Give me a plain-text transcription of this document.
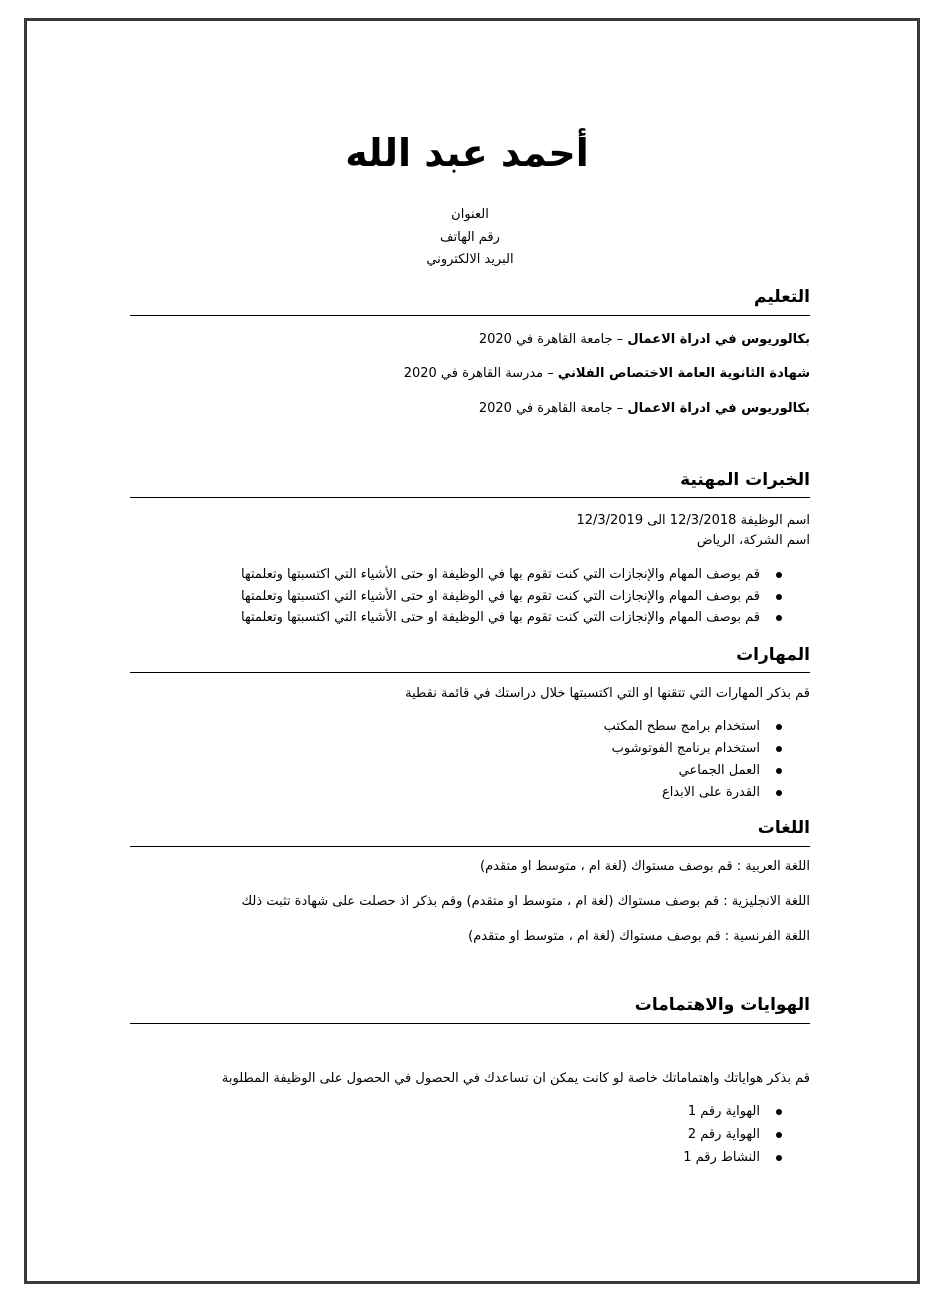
أحمد عبد الله
العنوان
رقم الهاتف
البريد الالكتروني
التعليم
بكالوريوس في ادراة الاعمال – جامعة القاهرة في 2020
شهادة الثانوية العامة الاختصاص الفلاني – مدرسة القاهرة في 2020
بكالوريوس في ادراة الاعمال – جامعة القاهرة في 2020
الخبرات المهنية
اسم الوظيفة 12/3/2018 الى 12/3/2019
اسم الشركة، الرياض
قم بوصف المهام والإنجازات التي كنت تقوم بها في الوظيفة او حتى الأشياء التي اكتسبتها وتعلمتها
قم بوصف المهام والإنجازات التي كنت تقوم بها في الوظيفة او حتى الأشياء التي اكتسبتها وتعلمتها
قم بوصف المهام والإنجازات التي كنت تقوم بها في الوظيفة او حتى الأشياء التي اكتسبتها وتعلمتها
المهارات
قم بذكر المهارات التي تتقنها او التي اكتسبتها خلال دراستك في قائمة نقطية
استخدام برامج سطح المكتب
استخدام برنامج الفوتوشوب
العمل الجماعي
القدرة على الابداع
اللغات
اللغة العربية : قم بوصف مستواك (لغة ام ، متوسط او متقدم)
اللغة الانجليزية : قم بوصف مستواك (لغة ام ، متوسط او متقدم) وقم بذكر اذ حصلت على شهادة تثبت ذلك
اللغة الفرنسية : قم بوصف مستواك (لغة ام ، متوسط او متقدم)
الهوايات والاهتمامات
قم بذكر هواياتك واهتماماتك خاصة لو كانت يمكن ان تساعدك في الحصول في الحصول على الوظيفة المطلوبة
الهواية رقم 1
الهواية رقم 2
النشاط رقم 1
